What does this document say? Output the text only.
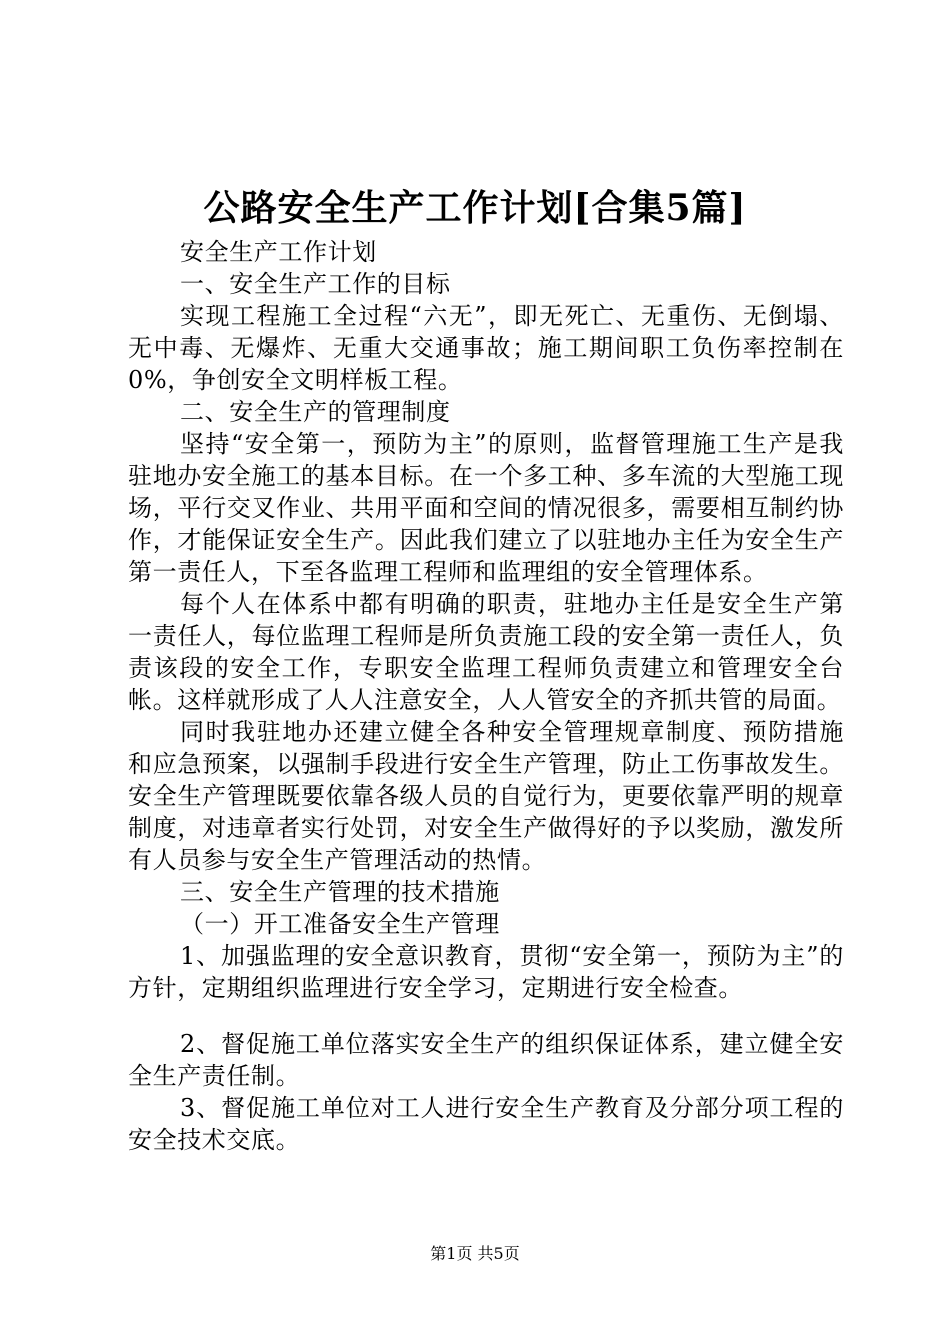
公路安全生产工作计划[合集5篇]

安全生产工作计划

一、安全生产工作的目标

实现工程施工全过程“六无”，即无死亡、无重伤、无倒塌、无中毒、无爆炸、无重大交通事故；施工期间职工负伤率控制在0%，争创安全文明样板工程。

二、安全生产的管理制度

坚持“安全第一，预防为主”的原则，监督管理施工生产是我驻地办安全施工的基本目标。在一个多工种、多车流的大型施工现场，平行交叉作业、共用平面和空间的情况很多，需要相互制约协作，才能保证安全生产。因此我们建立了以驻地办主任为安全生产第一责任人，下至各监理工程师和监理组的安全管理体系。

每个人在体系中都有明确的职责，驻地办主任是安全生产第一责任人，每位监理工程师是所负责施工段的安全第一责任人，负责该段的安全工作，专职安全监理工程师负责建立和管理安全台帐。这样就形成了人人注意安全，人人管安全的齐抓共管的局面。

同时我驻地办还建立健全各种安全管理规章制度、预防措施和应急预案，以强制手段进行安全生产管理，防止工伤事故发生。安全生产管理既要依靠各级人员的自觉行为，更要依靠严明的规章制度，对违章者实行处罚，对安全生产做得好的予以奖励，激发所有人员参与安全生产管理活动的热情。

三、安全生产管理的技术措施

（一）开工准备安全生产管理

1、加强监理的安全意识教育，贯彻“安全第一，预防为主”的方针，定期组织监理进行安全学习，定期进行安全检查。

2、督促施工单位落实安全生产的组织保证体系，建立健全安全生产责任制。

3、督促施工单位对工人进行安全生产教育及分部分项工程的安全技术交底。

第1页 共5页
